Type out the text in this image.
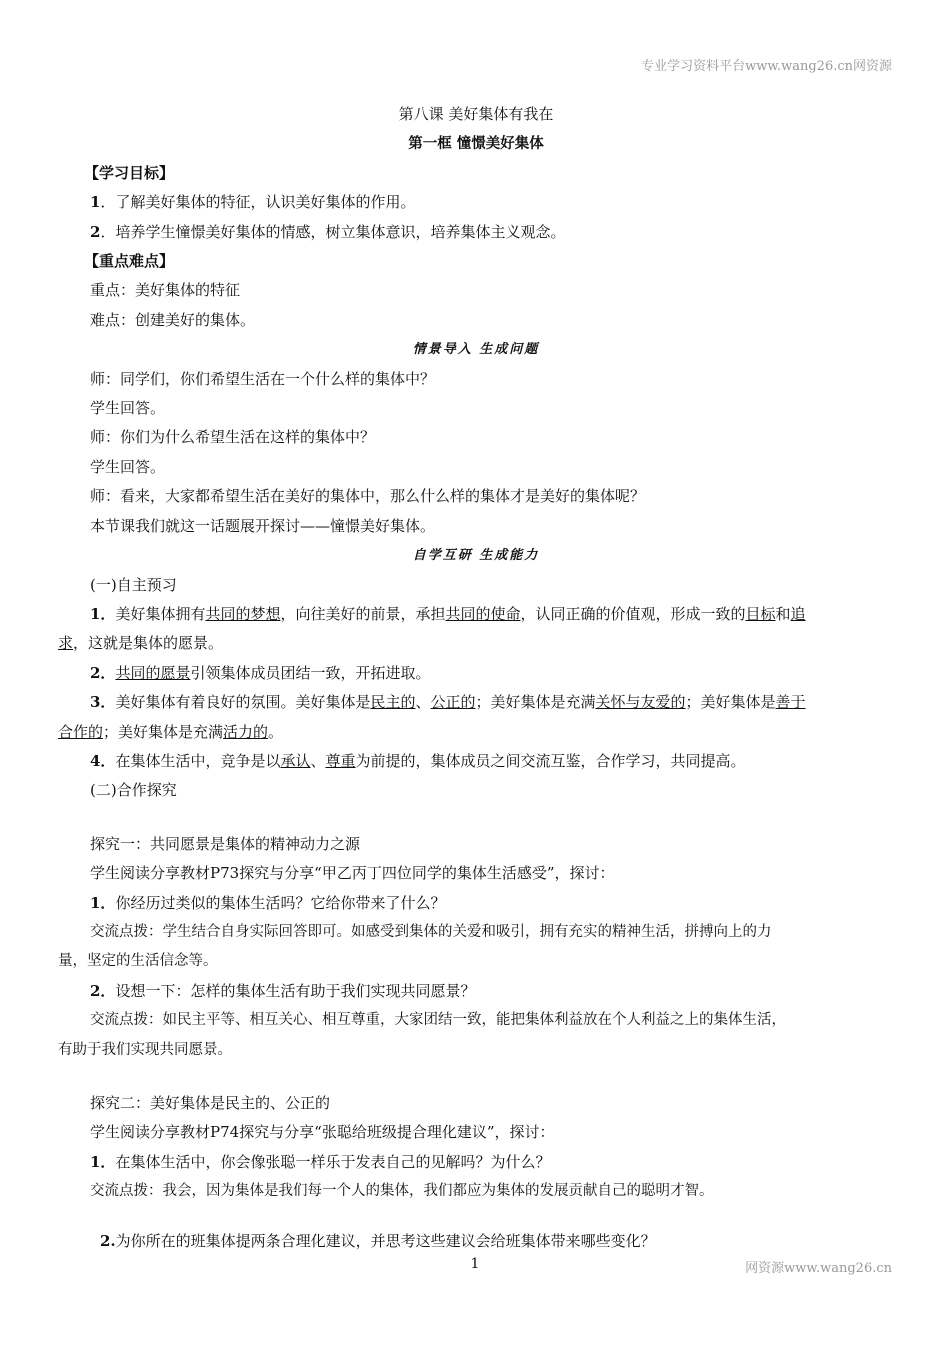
专业学习资料平台www.wang26.cn网资源

第八课 美好集体有我在

第一框 憧憬美好集体

【学习目标】

1．了解美好集体的特征，认识美好集体的作用。

2．培养学生憧憬美好集体的情感，树立集体意识，培养集体主义观念。

【重点难点】

重点：美好集体的特征

难点：创建美好的集体。

情景导入 生成问题

师：同学们，你们希望生活在一个什么样的集体中？

学生回答。

师：你们为什么希望生活在这样的集体中？

学生回答。

师：看来，大家都希望生活在美好的集体中，那么什么样的集体才是美好的集体呢？

本节课我们就这一话题展开探讨——憧憬美好集体。

自学互研 生成能力

(一)自主预习

1．美好集体拥有共同的梦想，向往美好的前景，承担共同的使命，认同正确的价值观，形成一致的目标和追
求，这就是集体的愿景。

2．共同的愿景引领集体成员团结一致，开拓进取。

3．美好集体有着良好的氛围。美好集体是民主的、公正的；美好集体是充满关怀与友爱的；美好集体是善于
合作的；美好集体是充满活力的。

4．在集体生活中，竞争是以承认、尊重为前提的，集体成员之间交流互鉴，合作学习，共同提高。

(二)合作探究

探究一：共同愿景是集体的精神动力之源

学生阅读分享教材P73探究与分享“甲乙丙丁四位同学的集体生活感受”，探讨：

1．你经历过类似的集体生活吗？它给你带来了什么？

交流点拨：学生结合自身实际回答即可。如感受到集体的关爱和吸引，拥有充实的精神生活，拼搏向上的力

量，坚定的生活信念等。

2．设想一下：怎样的集体生活有助于我们实现共同愿景？

交流点拨：如民主平等、相互关心、相互尊重，大家团结一致，能把集体利益放在个人利益之上的集体生活，

有助于我们实现共同愿景。

探究二：美好集体是民主的、公正的

学生阅读分享教材P74探究与分享“张聪给班级提合理化建议”，探讨：

1．在集体生活中，你会像张聪一样乐于发表自己的见解吗？为什么？

交流点拨：我会，因为集体是我们每一个人的集体，我们都应为集体的发展贡献自己的聪明才智。

2.为你所在的班集体提两条合理化建议，并思考这些建议会给班集体带来哪些变化？

1	网资源www.wang26.cn
